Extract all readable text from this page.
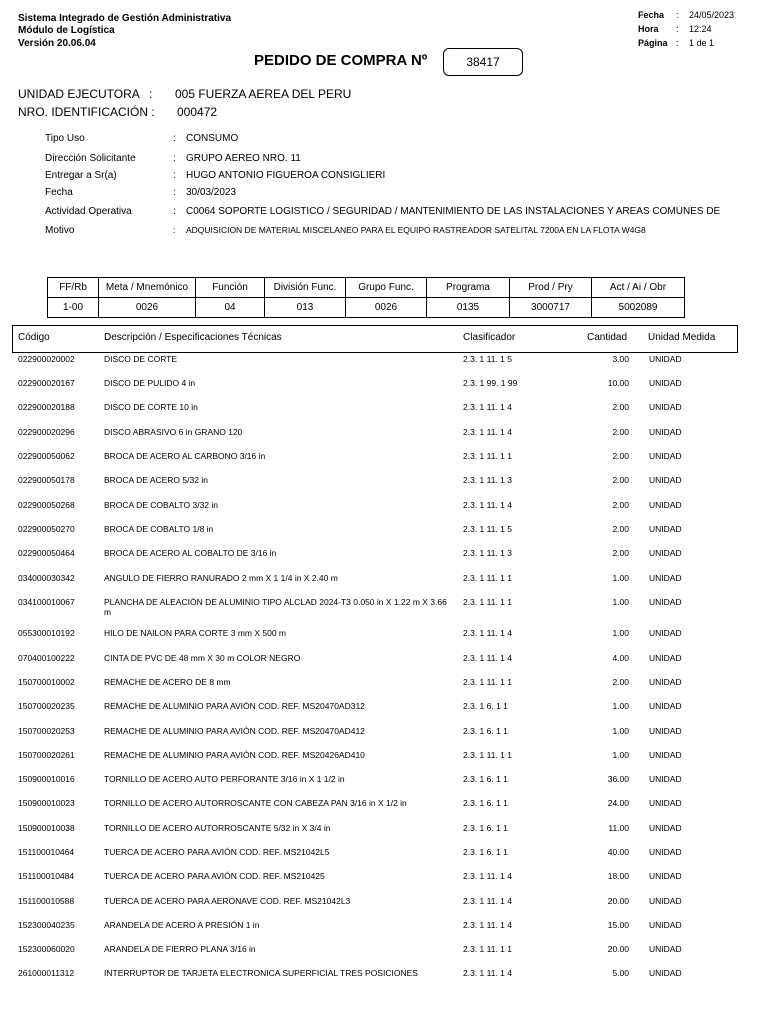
Sistema Integrado de Gestión Administrativa
Módulo de Logística
Versión 20.06.04
Fecha : 24/05/2023
Hora : 12:24
Página : 1 de 1
PEDIDO DE COMPRA Nº	38417
UNIDAD EJECUTORA : 005 FUERZA AEREA DEL PERU
NRO. IDENTIFICACIÓN : 000472
Tipo Uso	: CONSUMO
Dirección Solicitante	: GRUPO AEREO NRO. 11
Entregar a Sr(a)	: HUGO ANTONIO FIGUEROA CONSIGLIERI
Fecha	: 30/03/2023
Actividad Operativa	: C0064 SOPORTE LOGISTICO / SEGURIDAD / MANTENIMIENTO DE LAS INSTALACIONES Y AREAS COMUNES DE
Motivo	: ADQUISICION DE MATERIAL MISCELANEO PARA EL EQUIPO RASTREADOR SATELITAL 7200A EN LA FLOTA W4G8
FF/Rb	Meta / Mnemónico	Función	División Func.	Grupo Func.	Programa	Prod / Pry	Act / Ai / Obr
1-00	0026	04	013	0026	0135	3000717	5002089
Código	Descripción / Especificaciones Técnicas	Clasificador	Cantidad Unidad Medida
022900020002	DISCO DE CORTE	2.3. 1 11. 1 5	3.00 UNIDAD
022900020167	DISCO DE PULIDO 4 in	2.3. 1 99. 1 99	10.00 UNIDAD
022900020188	DISCO DE CORTE 10 in	2.3. 1 11. 1 4	2.00 UNIDAD
022900020296	DISCO ABRASIVO 6 in GRANO 120	2.3. 1 11. 1 4	2.00 UNIDAD
022900050062	BROCA DE ACERO AL CARBONO 3/16 in	2.3. 1 11. 1 1	2.00 UNIDAD
022900050178	BROCA DE ACERO 5/32 in	2.3. 1 11. 1 3	2.00 UNIDAD
022900050268	BROCA DE COBALTO 3/32 in	2.3. 1 11. 1 4	2.00 UNIDAD
022900050270	BROCA DE COBALTO 1/8 in	2.3. 1 11. 1 5	2.00 UNIDAD
022900050464	BROCA DE ACERO AL COBALTO DE 3/16 in	2.3. 1 11. 1 3	2.00 UNIDAD
034000030342	ANGULO DE FIERRO RANURADO 2 mm X 1 1/4 in X 2.40 m	2.3. 1 11. 1 1	1.00 UNIDAD
034100010067	PLANCHA DE ALEACIÓN DE ALUMINIO TIPO ALCLAD 2024-T3 0.050 in X 1.22 m X 3.66 m
2.3. 1 11. 1 1	1.00 UNIDAD
055300010192	HILO DE NAILON PARA CORTE 3 mm X 500 m	2.3. 1 11. 1 4	1.00 UNIDAD
070400100222	CINTA DE PVC DE 48 mm X 30 m COLOR NEGRO	2.3. 1 11. 1 4	4.00 UNIDAD
150700010002	REMACHE DE ACERO DE 8 mm	2.3. 1 11. 1 1	2.00 UNIDAD
150700020235	REMACHE DE ALUMINIO PARA AVIÓN COD. REF. MS20470AD312	2.3. 1 6. 1 1	1.00 UNIDAD
150700020253	REMACHE DE ALUMINIO PARA AVIÓN COD. REF. MS20470AD412	2.3. 1 6. 1 1	1.00 UNIDAD
150700020261	REMACHE DE ALUMINIO PARA AVIÓN COD. REF. MS20426AD410	2.3. 1 11. 1 1	1.00 UNIDAD
150900010016	TORNILLO DE ACERO AUTO PERFORANTE 3/16 in X 1 1/2 in	2.3. 1 6. 1 1	36.00 UNIDAD
150900010023	TORNILLO DE ACERO AUTORROSCANTE CON CABEZA PAN 3/16 in X 1/2 in	2.3. 1 6. 1 1	24.00 UNIDAD
150900010038	TORNILLO DE ACERO AUTORROSCANTE 5/32 in X 3/4 in	2.3. 1 6. 1 1	11.00 UNIDAD
151100010464	TUERCA DE ACERO PARA AVIÓN COD. REF. MS21042L5	2.3. 1 6. 1 1	40.00 UNIDAD
151100010484	TUERCA DE ACERO PARA AVIÓN COD. REF. MS210425	2.3. 1 11. 1 4	18.00 UNIDAD
151100010588	TUERCA DE ACERO PARA AERONAVE COD. REF. MS21042L3	2.3. 1 11. 1 4	20.00 UNIDAD
152300040235	ARANDELA DE ACERO A PRESIÓN 1 in	2.3. 1 11. 1 4	15.00 UNIDAD
152300060020	ARANDELA DE FIERRO PLANA 3/16 in	2.3. 1 11. 1 1	20.00 UNIDAD
261000011312	INTERRUPTOR DE TARJETA ELECTRONICA SUPERFICIAL TRES POSICIONES	2.3. 1 11. 1 4	5.00 UNIDAD
